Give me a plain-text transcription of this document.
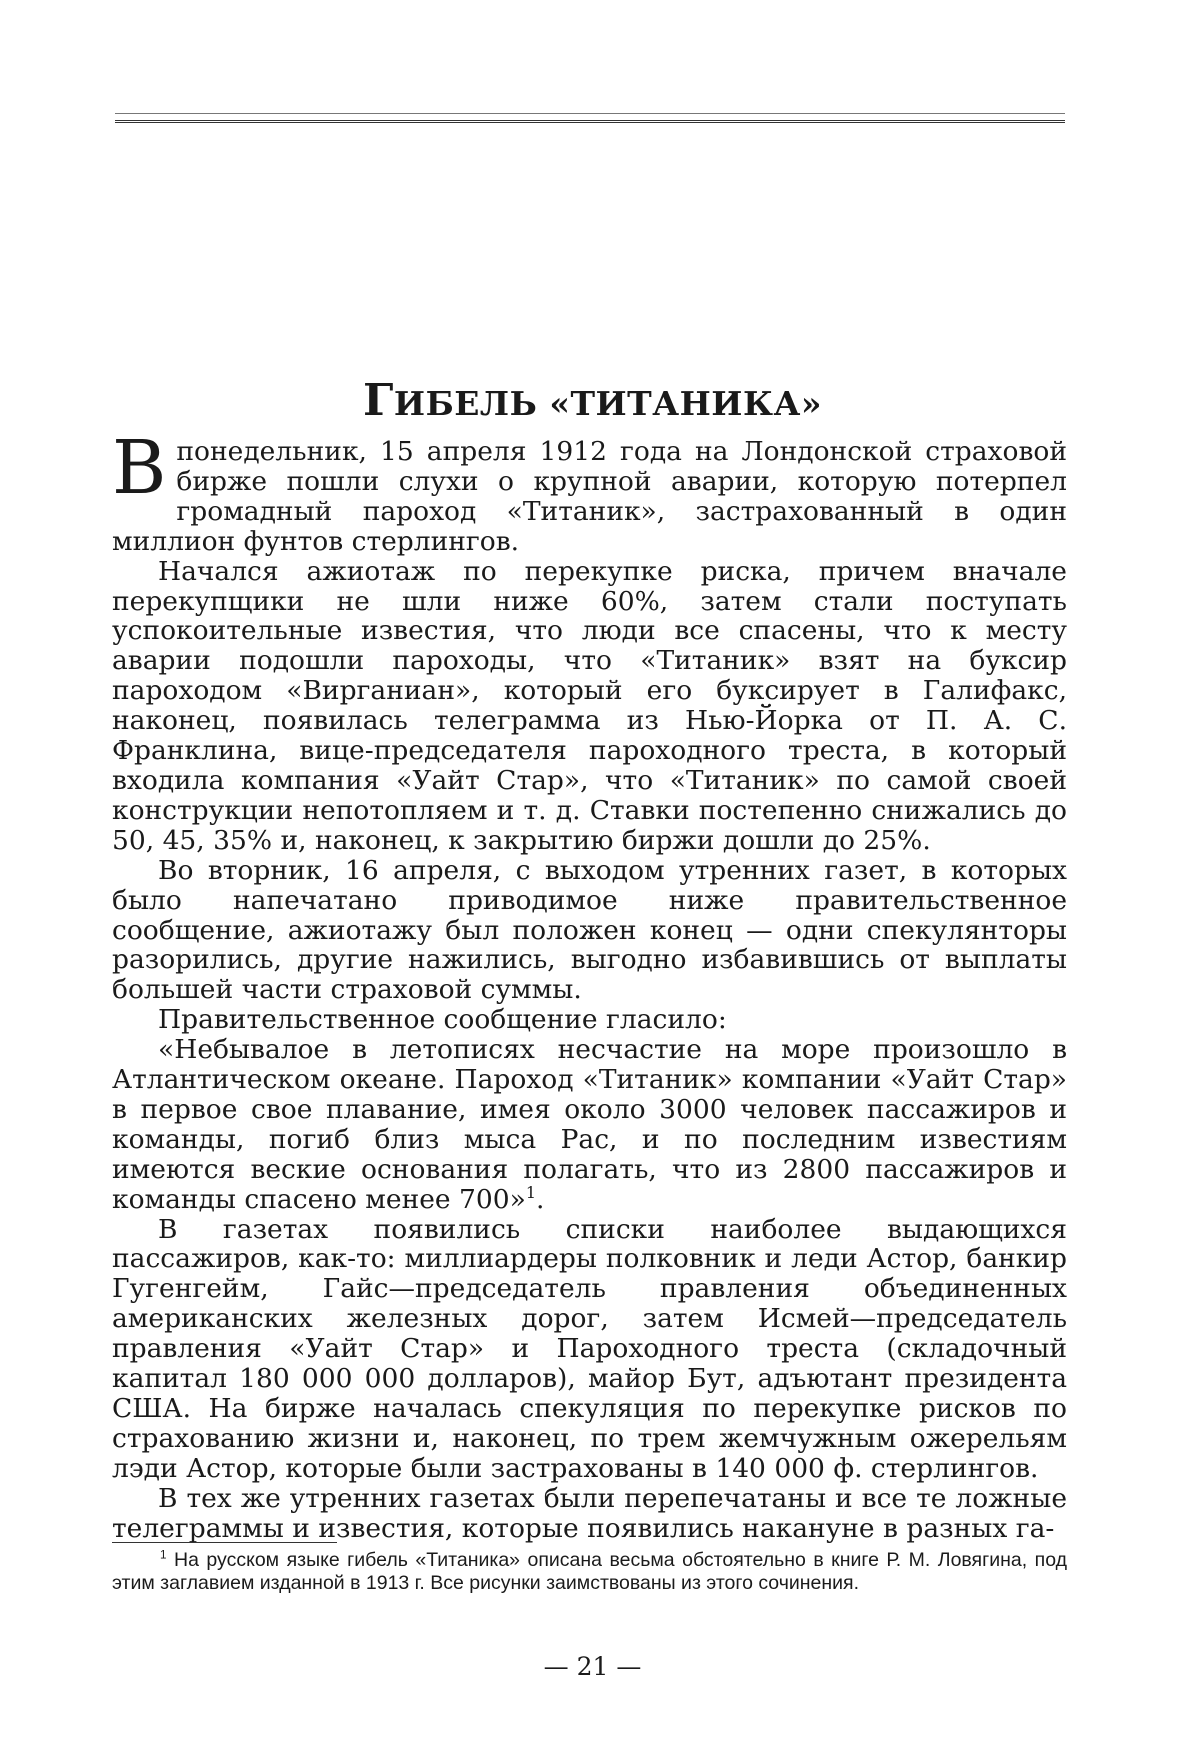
ГИБЕЛЬ «ТИТАНИКА»

Впонедельник, 15 апреля 1912 года на Лондонской страховой бирже пошли слухи о крупной аварии, которую потерпел громадный пароход «Титаник», застрахованный в один миллион фунтов стерлингов.

Начался ажиотаж по перекупке риска, причем вначале перекупщики не шли ниже 60%, затем стали поступать успокоительные известия, что люди все спасены, что к месту аварии подошли пароходы, что «Титаник» взят на буксир пароходом «Вирганиан», который его буксирует в Галифакс, наконец, появилась телеграмма из Нью-Йорка от П. А. С. Франклина, вице-председателя пароходного треста, в который входила компания «Уайт Стар», что «Титаник» по самой своей конструкции непотопляем и т. д. Ставки постепенно снижались до 50, 45, 35% и, наконец, к закрытию биржи дошли до 25%.

Во вторник, 16 апреля, с выходом утренних газет, в которых было напечатано приводимое ниже правительственное сообщение, ажиотажу был положен конец — одни спекулянторы разорились, другие нажились, выгодно избавившись от выплаты большей части страховой суммы.

Правительственное сообщение гласило:

«Небывалое в летописях несчастие на море произошло в Атлантическом океане. Пароход «Титаник» компании «Уайт Стар» в первое свое плавание, имея около 3000 человек пассажиров и команды, погиб близ мыса Рас, и по последним известиям имеются веские основания полагать, что из 2800 пассажиров и команды спасено менее 700»$^1$.

В газетах появились списки наиболее выдающихся пассажиров, как-то: миллиардеры полковник и леди Астор, банкир Гугенгейм, Гайс—председатель правления объединенных американских железных дорог, затем Исмей—председатель правления «Уайт Стар» и Пароходного треста (складочный капитал 180 000 000 долларов), майор Бут, адъютант президента США. На бирже началась спекуляция по перекупке рисков по страхованию жизни и, наконец, по трем жемчужным ожерельям лэди Астор, которые были застрахованы в 140 000 ф. стерлингов.

В тех же утренних газетах были перепечатаны и все те ложные телеграммы и известия, которые появились накануне в разных га-

$^1$ На русском языке гибель «Титаника» описана весьма обстоятельно в книге Р. М. Ловягина, под этим заглавием изданной в 1913 г. Все рисунки заимствованы из этого сочинения.

— 21 —
